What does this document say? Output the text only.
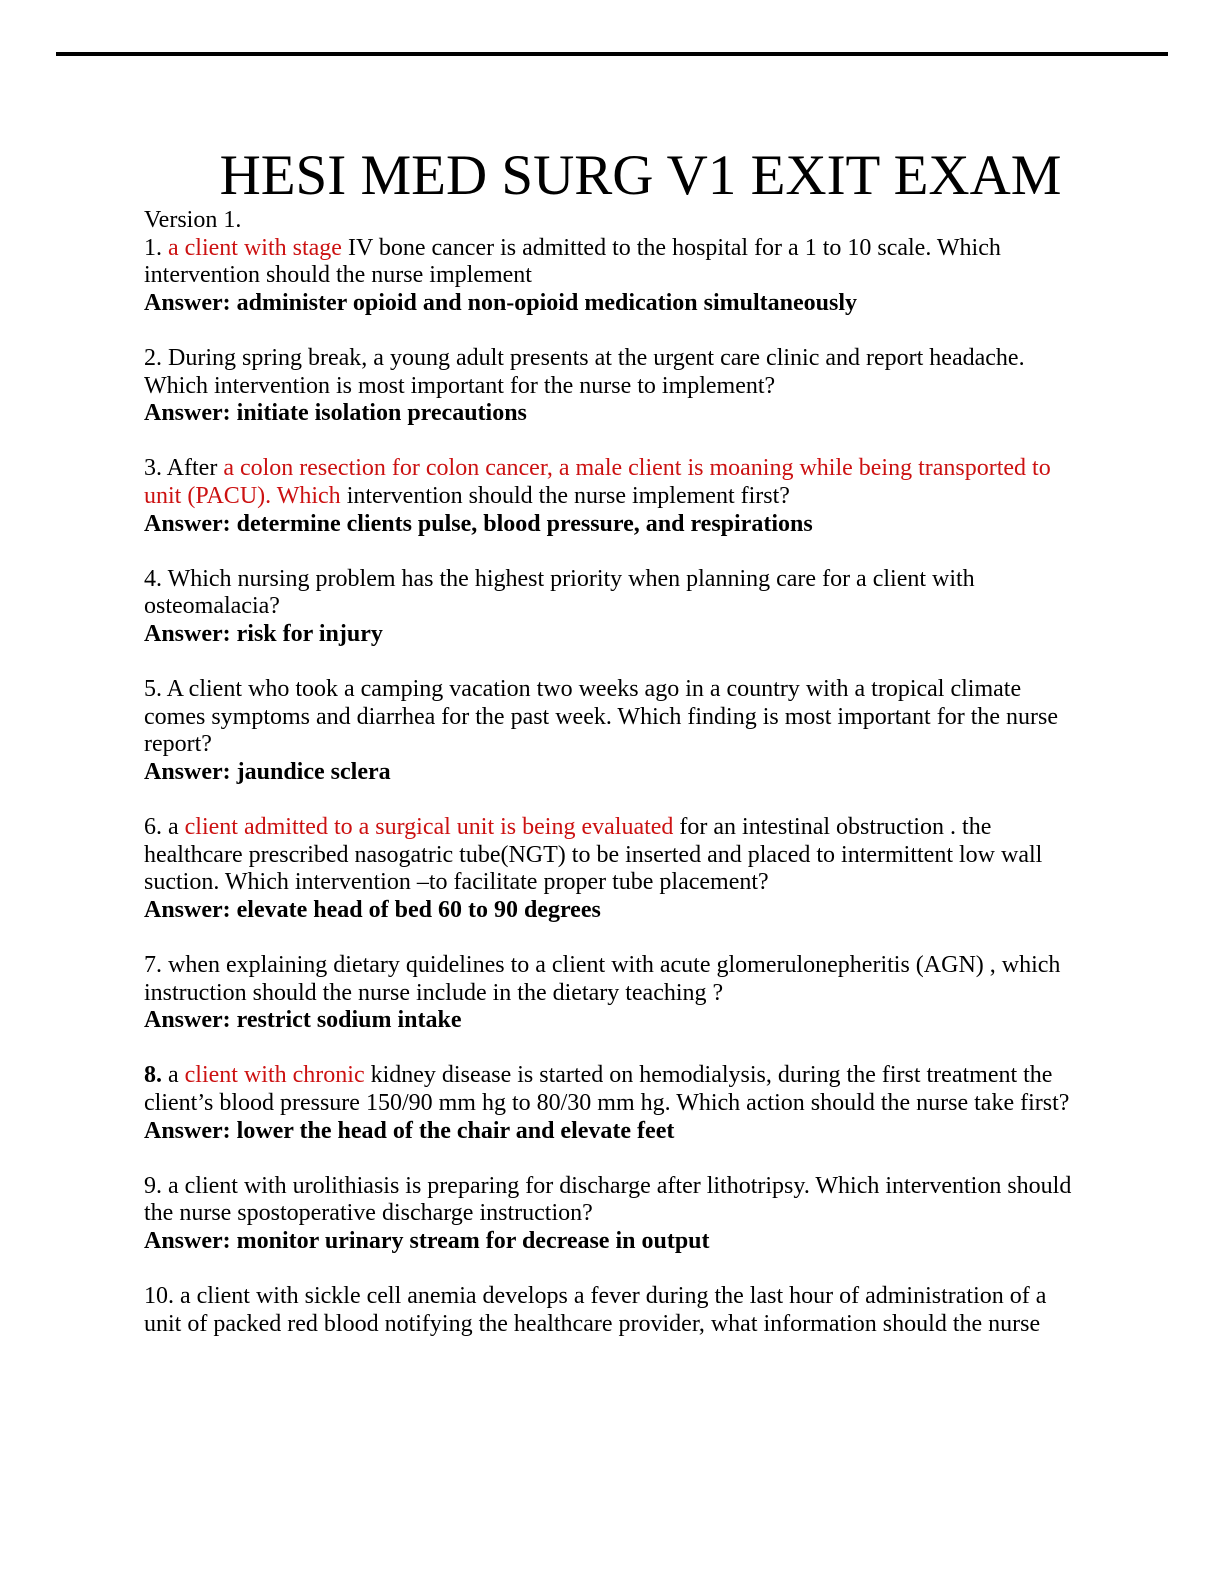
HESI MED SURG V1 EXIT EXAM

Version 1.

1. a client with stage IV bone cancer is admitted to the hospital for a 1 to 10 scale. Which intervention should the nurse implement

Answer: administer opioid and non-opioid medication simultaneously

2. During spring break, a young adult presents at the urgent care clinic and report headache. Which intervention is most important for the nurse to implement?

Answer: initiate isolation precautions

3. After a colon resection for colon cancer, a male client is moaning while being transported to unit (PACU). Which intervention should the nurse implement first?

Answer: determine clients pulse, blood pressure, and respirations

4. Which nursing problem has the highest priority when planning care for a client with osteomalacia?

Answer: risk for injury

5. A client who took a camping vacation two weeks ago in a country with a tropical climate comes symptoms and diarrhea for the past week. Which finding is most important for the nurse report?

Answer: jaundice sclera

6. a client admitted to a surgical unit is being evaluated for an intestinal obstruction . the healthcare prescribed nasogatric tube(NGT) to be inserted and placed to intermittent low wall suction. Which intervention –to facilitate proper tube placement?

Answer: elevate head of bed 60 to 90 degrees

7. when explaining dietary quidelines to a client with acute glomerulonepheritis (AGN) , which instruction should the nurse include in the dietary teaching ?

Answer: restrict sodium intake

8. a client with chronic kidney disease is started on hemodialysis, during the first treatment the client’s blood pressure 150/90 mm hg to 80/30 mm hg. Which action should the nurse take first?

Answer: lower the head of the chair and elevate feet

9. a client with urolithiasis is preparing for discharge after lithotripsy. Which intervention should the nurse spostoperative discharge instruction?

Answer: monitor urinary stream for decrease in output

10. a client with sickle cell anemia develops a fever during the last hour of administration of a unit of packed red blood notifying the healthcare provider, what information should the nurse
